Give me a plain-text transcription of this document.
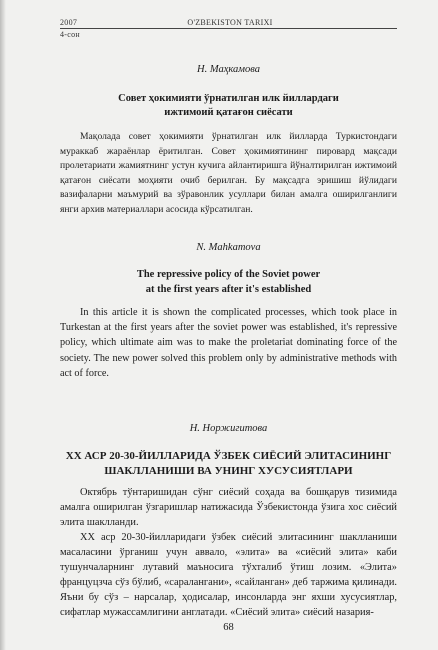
2007
4-сон
O'ZBEKISTON TARIXI
Н. Маҳкамова
Совет ҳокимияти ўрнатилган илк йиллардаги
ижтимоий қатағон сиёсати

Мақолада совет ҳокимияти ўрнатилган илк йилларда Туркистондаги мураккаб жараёнлар ёритилган. Совет ҳокимиятининг пировард мақсади пролетариати жамиятнинг устун кучига айлантиришга йўналтирилган ижтимоий қатағон сиёсати моҳияти очиб берилган. Бу мақсадга эришиш йўлидаги вазифаларни маъмурий ва зўравонлик усуллари билан амалга оширилганлиги янги архив материаллари асосида кўрсатилган.

N. Mahkamova
The repressive policy of the Soviet power
at the first years after it's established

In this article it is shown the complicated processes, which took place in Turkestan at the first years after the soviet power was established, it's repressive policy, which ultimate aim was to make the proletariat dominating force of the society. The new power solved this problem only by administrative methods with act of force.

Н. Норжигитова
XX АСР 20-30-ЙИЛЛАРИДА ЎЗБЕК СИЁСИЙ ЭЛИТАСИНИНГ
ШАКЛЛАНИШИ ВА УНИНГ ХУСУСИЯТЛАРИ

Октябрь тўнтаришидан сўнг сиёсий соҳада ва бошқарув тизимида амалга оширилган ўзгаришлар натижасида Ўзбекистонда ўзига хос сиёсий элита шаклланди.

XX аср 20-30-йилларидаги ўзбек сиёсий элитасининг шаклланиши масаласини ўрганиш учун аввало, «элита» ва «сиёсий элита» каби тушунчаларнинг лутавий маъносига тўхталиб ўтиш лозим. «Элита» француцзча сўз бўлиб, «саралангани», «сайланган» деб таржима қилинади. Яъни бу сўз – нарсалар, ҳодисалар, инсонларда энг яхши хусусиятлар, сифатлар мужассамлигини англатади. «Сиёсий элита» сиёсий назария-

68
